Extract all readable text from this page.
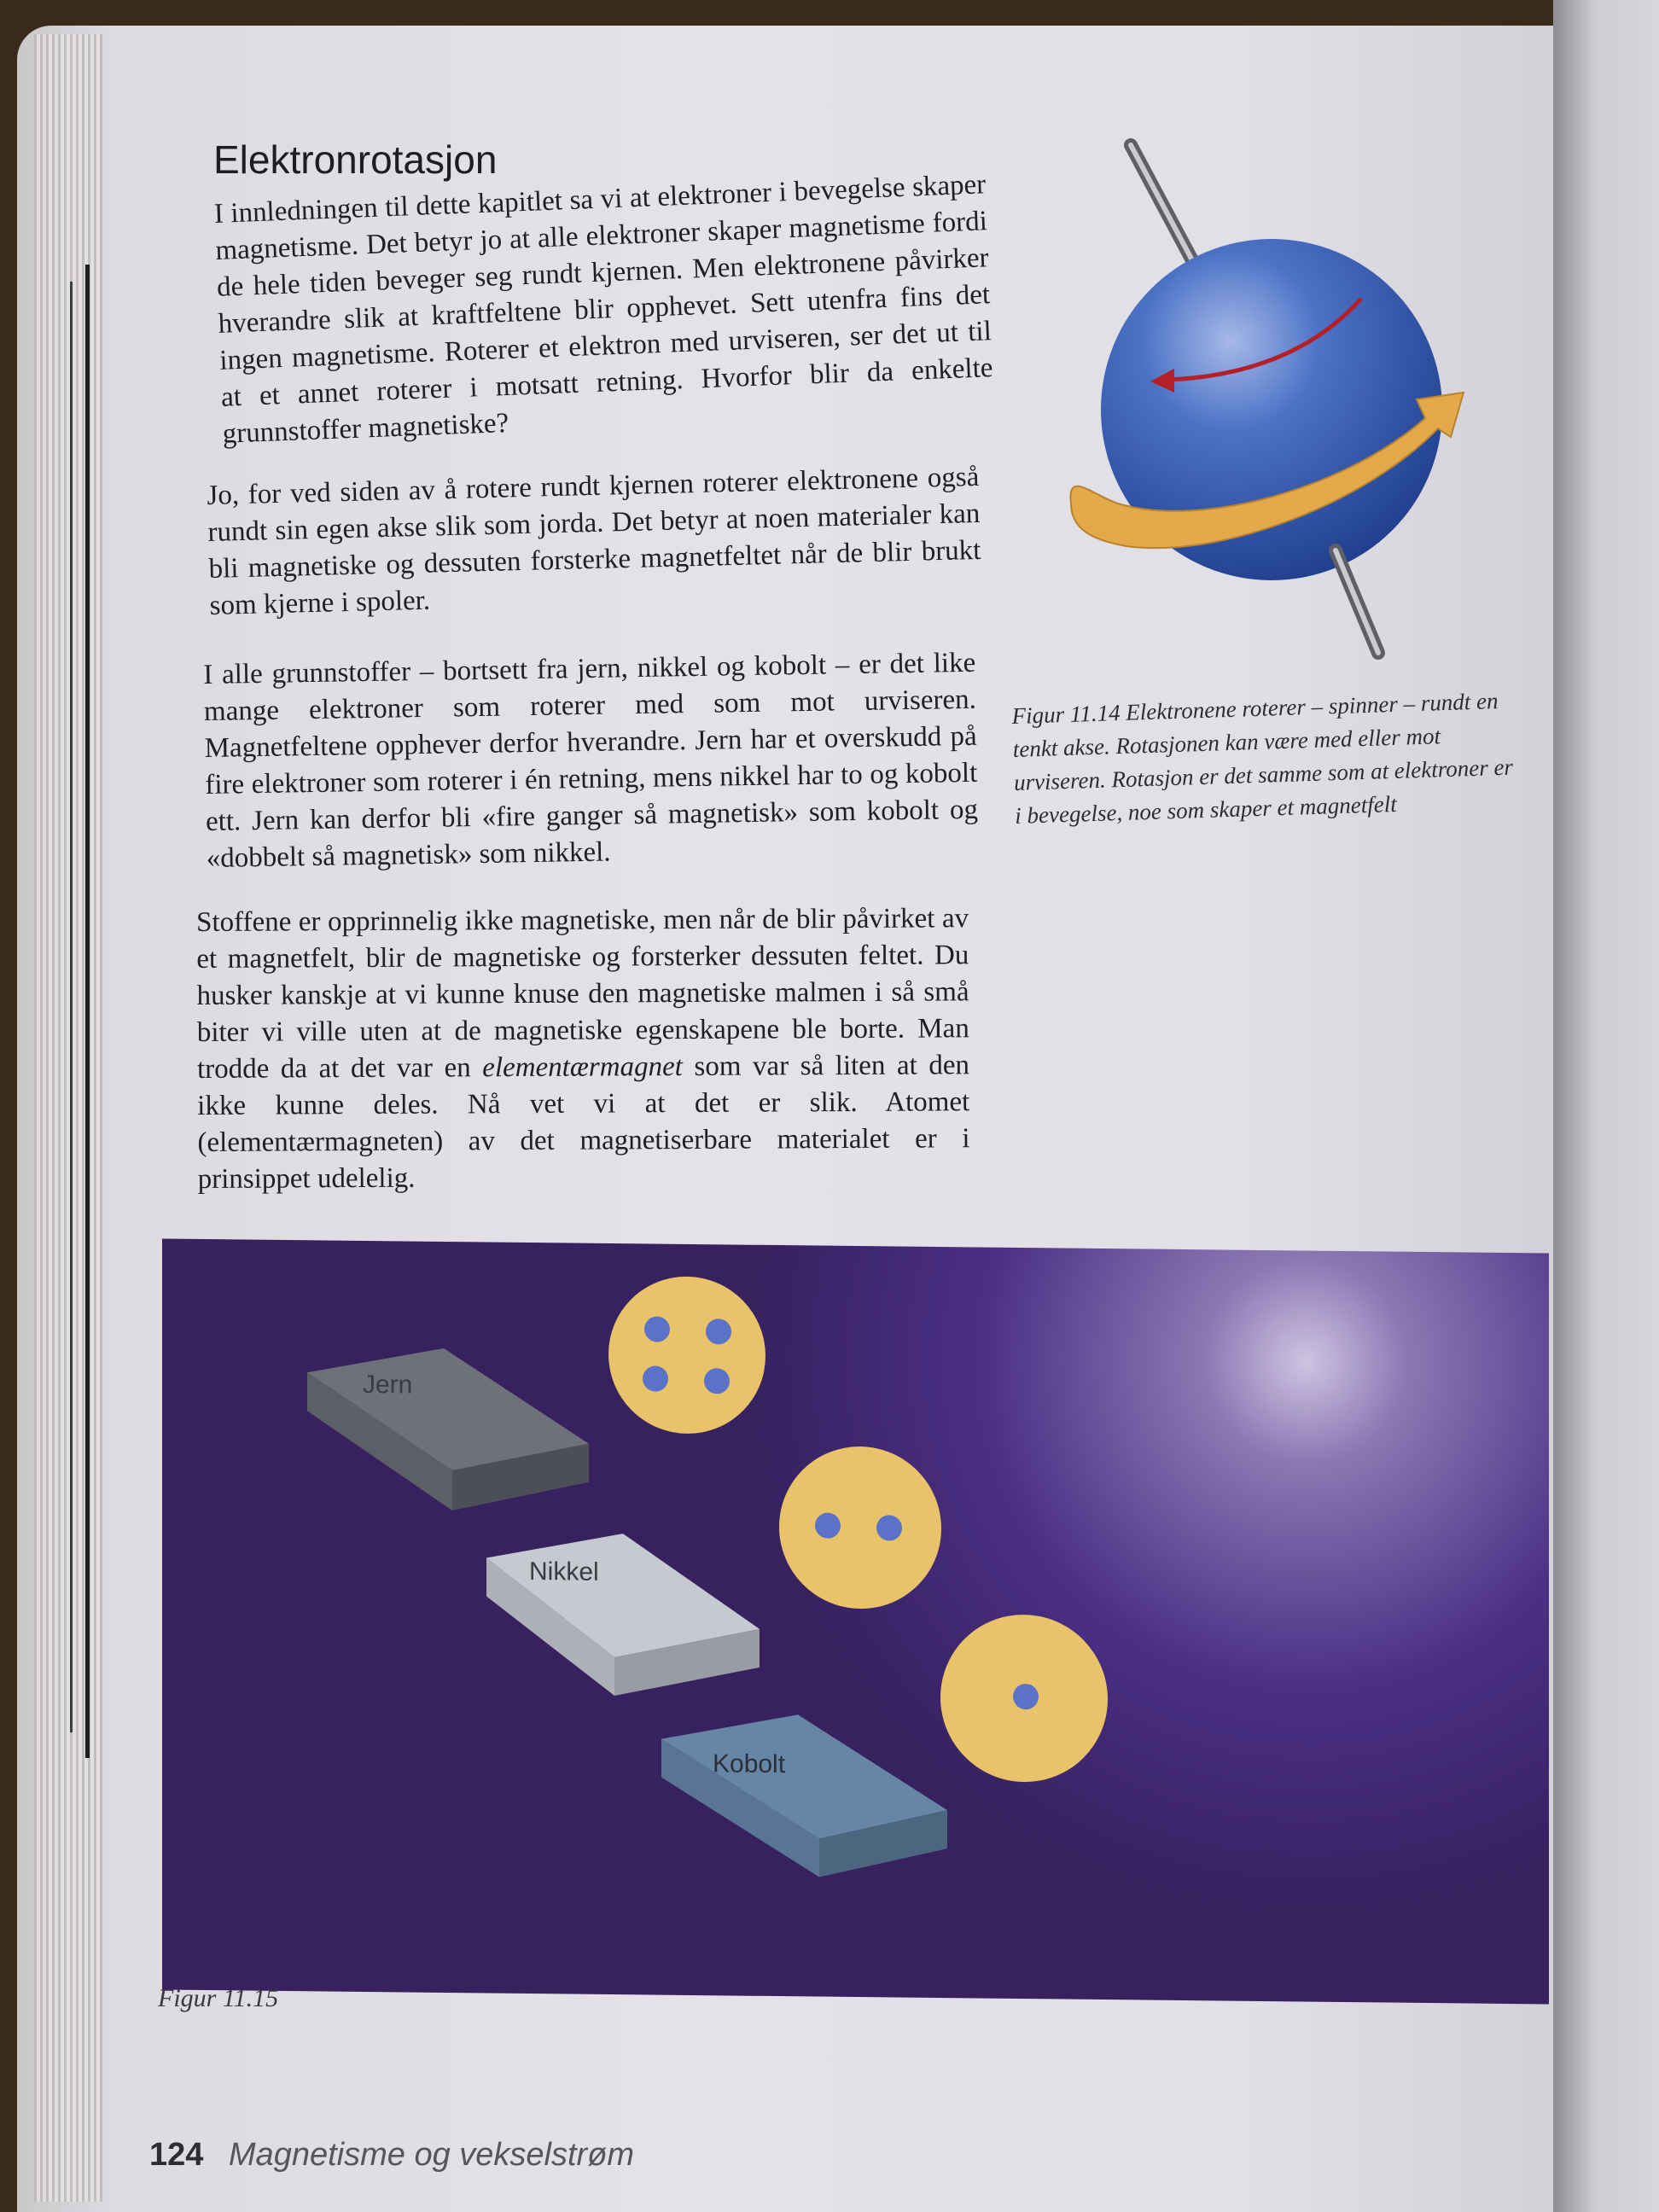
Elektronrotasjon

I innledningen til dette kapitlet sa vi at elektroner i bevegelse skaper magnetisme. Det betyr jo at alle elektroner skaper magnetisme fordi de hele tiden beveger seg rundt kjernen. Men elektronene påvirker hverandre slik at kraftfeltene blir opphevet. Sett utenfra fins det ingen magnetisme. Roterer et elektron med urviseren, ser det ut til at et annet roterer i motsatt retning. Hvorfor blir da enkelte grunnstoffer magnetiske?

Jo, for ved siden av å rotere rundt kjernen roterer elektronene også rundt sin egen akse slik som jorda. Det betyr at noen materialer kan bli magnetiske og dessuten forsterke magnetfeltet når de blir brukt som kjerne i spoler.

I alle grunnstoffer – bortsett fra jern, nikkel og kobolt – er det like mange elektroner som roterer med som mot urviseren. Magnetfeltene opphever derfor hverandre. Jern har et overskudd på fire elektroner som roterer i én retning, mens nikkel har to og kobolt ett. Jern kan derfor bli «fire ganger så magnetisk» som kobolt og «dobbelt så magnetisk» som nikkel.

Stoffene er opprinnelig ikke magnetiske, men når de blir påvirket av et magnetfelt, blir de magnetiske og forsterker dessuten feltet. Du husker kanskje at vi kunne knuse den magnetiske malmen i så små biter vi ville uten at de magnetiske egenskapene ble borte. Man trodde da at det var en elementærmagnet som var så liten at den ikke kunne deles. Nå vet vi at det er slik. Atomet (elementærmagneten) av det magnetiserbare materialet er i prinsippet udelelig.

Figur 11.14 Elektronene roterer – spinner – rundt en tenkt akse. Rotasjonen kan være med eller mot urviseren. Rotasjon er det samme som at elektroner er i bevegelse, noe som skaper et magnetfelt
Jern
Nikkel
Kobolt
Figur 11.15
124 Magnetisme og vekselstrøm
